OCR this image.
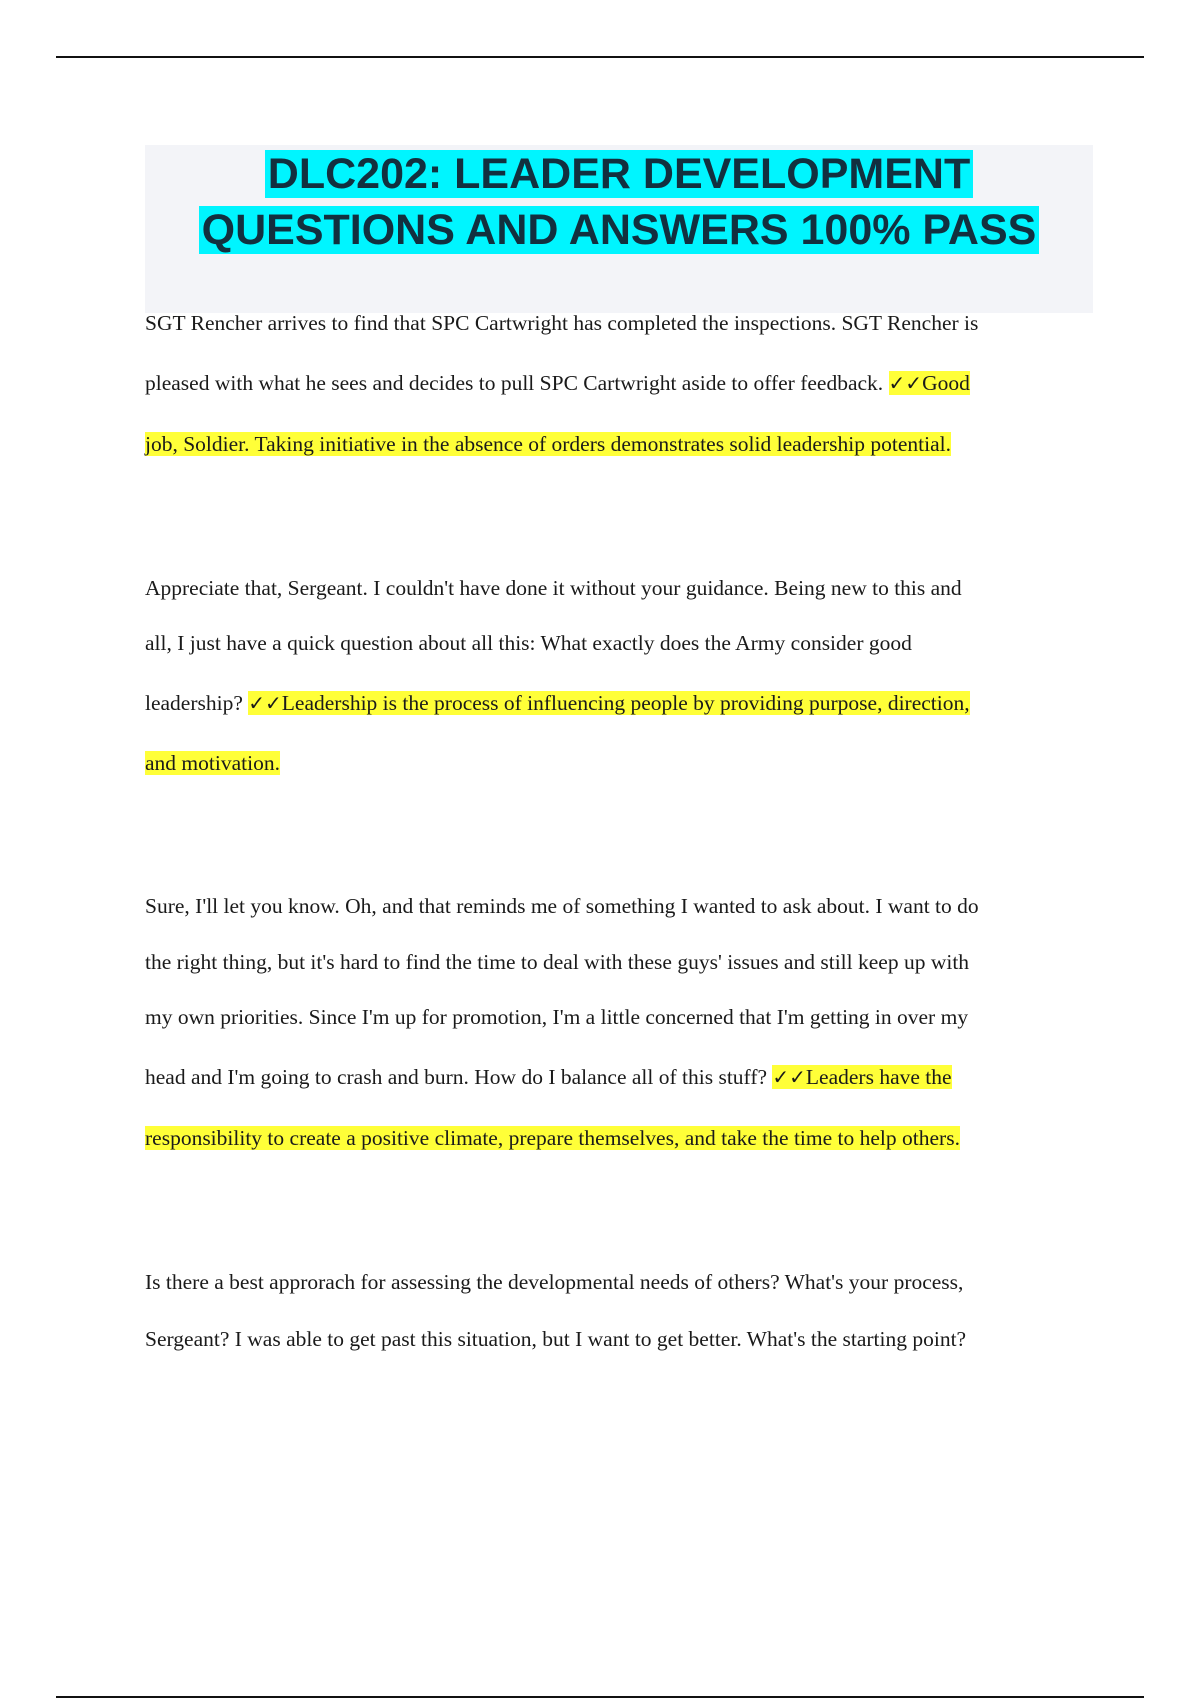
DLC202: LEADER DEVELOPMENT
QUESTIONS AND ANSWERS 100% PASS
SGT Rencher arrives to find that SPC Cartwright has completed the inspections. SGT Rencher is
pleased with what he sees and decides to pull SPC Cartwright aside to offer feedback. ✓✓Good
job, Soldier. Taking initiative in the absence of orders demonstrates solid leadership potential.
Appreciate that, Sergeant. I couldn't have done it without your guidance. Being new to this and
all, I just have a quick question about all this: What exactly does the Army consider good
leadership? ✓✓Leadership is the process of influencing people by providing purpose, direction,
and motivation.
Sure, I'll let you know. Oh, and that reminds me of something I wanted to ask about. I want to do
the right thing, but it's hard to find the time to deal with these guys' issues and still keep up with
my own priorities. Since I'm up for promotion, I'm a little concerned that I'm getting in over my
head and I'm going to crash and burn. How do I balance all of this stuff? ✓✓Leaders have the
responsibility to create a positive climate, prepare themselves, and take the time to help others.
Is there a best approrach for assessing the developmental needs of others? What's your process,
Sergeant? I was able to get past this situation, but I want to get better. What's the starting point?
